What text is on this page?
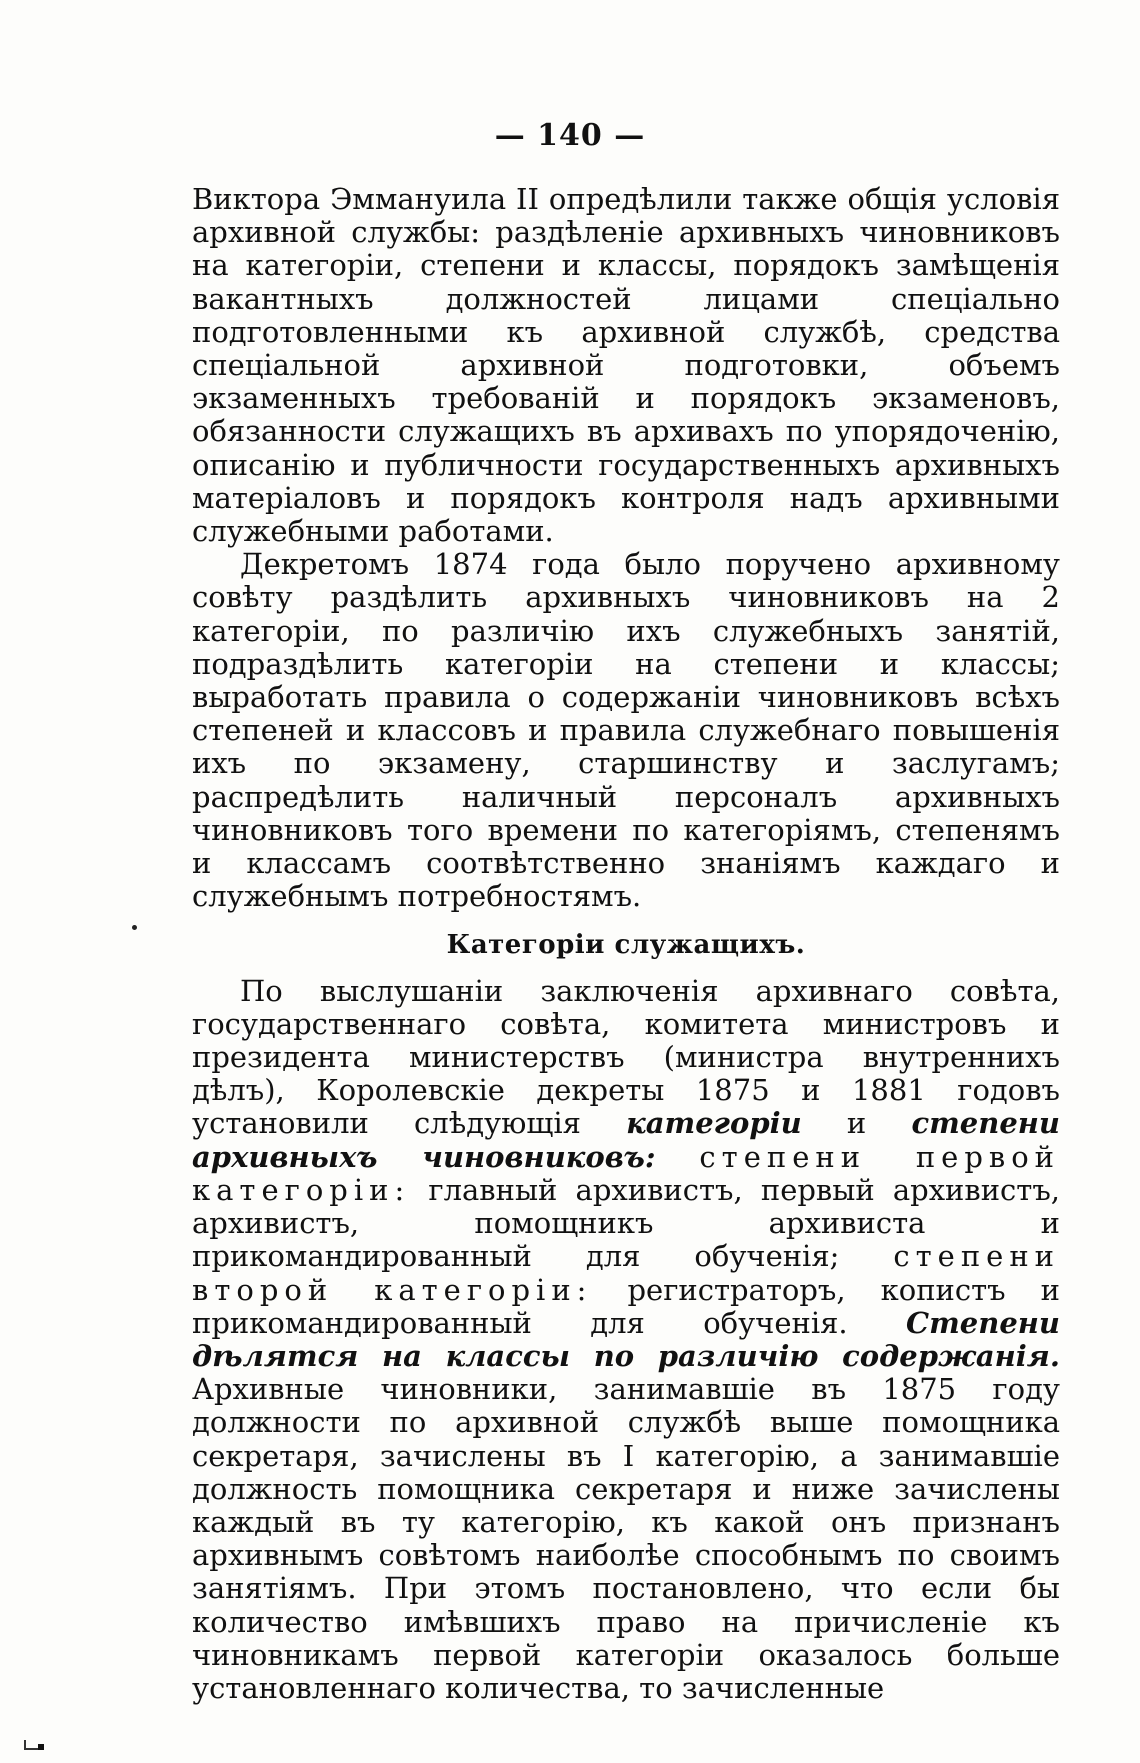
— 140 —

Виктора Эммануила II опредѣлили также общія условія архивной службы: раздѣленіе архивныхъ чиновниковъ на категоріи, степени и классы, порядокъ замѣщенія вакантныхъ должностей лицами спеціально подготовленными къ архивной службѣ, средства спеціальной архивной подготовки, объемъ экзаменныхъ требованій и порядокъ экзаменовъ, обязанности служащихъ въ архивахъ по упорядоченію, описанію и публичности государственныхъ архивныхъ матеріаловъ и порядокъ контроля надъ архивными служебными работами.

Декретомъ 1874 года было поручено архивному совѣту раздѣлить архивныхъ чиновниковъ на 2 категоріи, по различію ихъ служебныхъ занятій, подраздѣлить категоріи на степени и классы; выработать правила о содержаніи чиновниковъ всѣхъ степеней и классовъ и правила служебнаго повышенія ихъ по экзамену, старшинству и заслугамъ; распредѣлить наличный персоналъ архивныхъ чиновниковъ того времени по категоріямъ, степенямъ и классамъ соотвѣтственно знаніямъ каждаго и служебнымъ потребностямъ.

Категоріи служащихъ.

По выслушаніи заключенія архивнаго совѣта, государственнаго совѣта, комитета министровъ и президента министерствъ (министра внутреннихъ дѣлъ), Королевскіе декреты 1875 и 1881 годовъ установили слѣдующія категоріи и степени архивныхъ чиновниковъ: степени первой категоріи: главный архивистъ, первый архивистъ, архивистъ, помощникъ архивиста и прикомандированный для обученія; степени второй категоріи: регистраторъ, копистъ и прикомандированный для обученія. Степени дѣлятся на классы по различію содержанія. Архивные чиновники, занимавшіе въ 1875 году должности по архивной службѣ выше помощника секретаря, зачислены въ I категорію, а занимавшіе должность помощника секретаря и ниже зачислены каждый въ ту категорію, къ какой онъ признанъ архивнымъ совѣтомъ наиболѣе способнымъ по своимъ занятіямъ. При этомъ постановлено, что если бы количество имѣвшихъ право на причисленіе къ чиновникамъ первой категоріи оказалось больше установленнаго количества, то зачисленные
